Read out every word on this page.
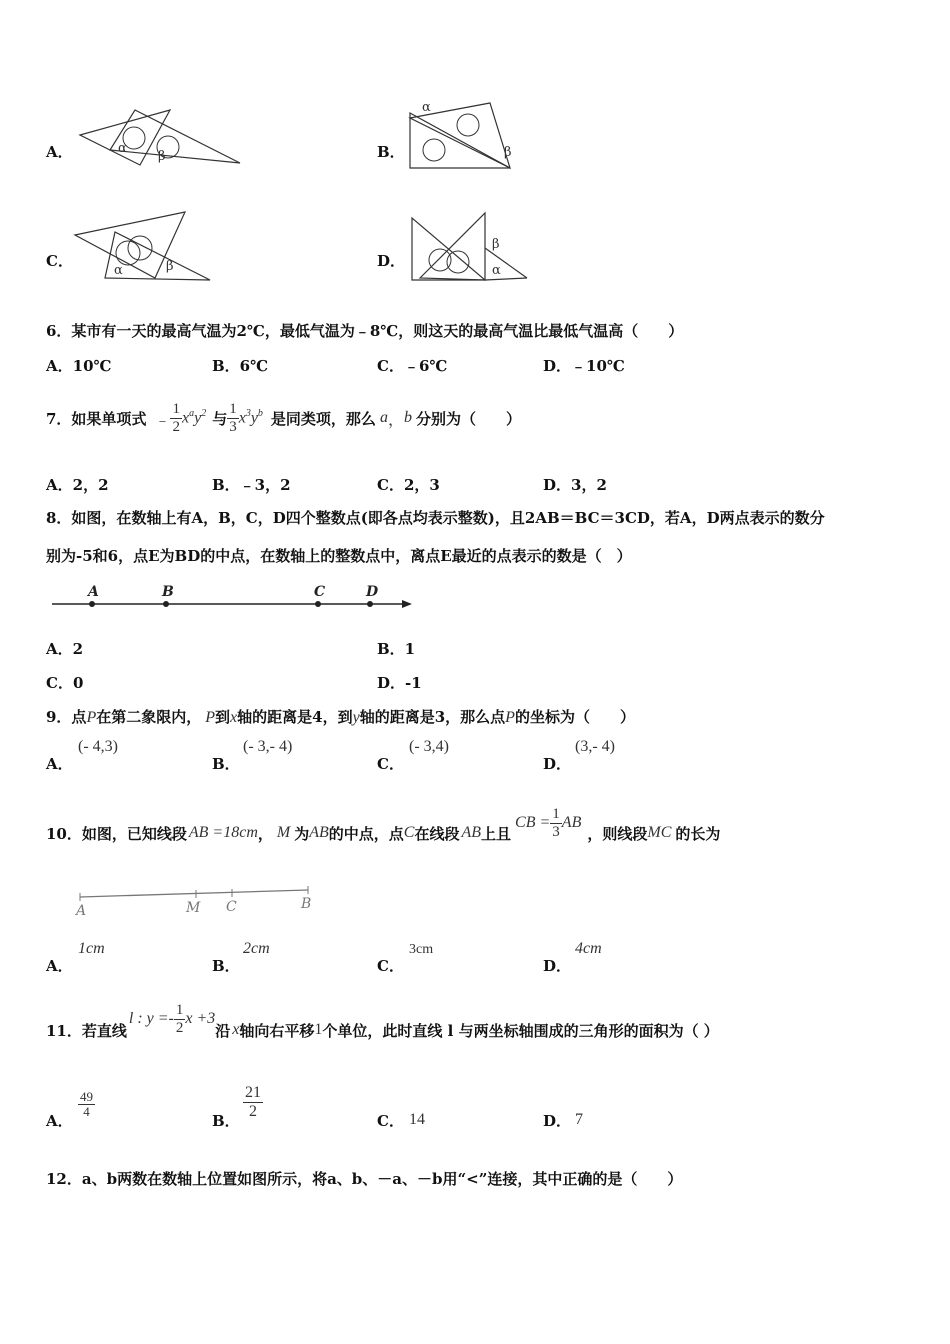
A．	α
β	B．
α
β
C．
α	β	D．
β
α
6．某市有一天的最高气温为2℃，最低气温为﹣8℃，则这天的最高气温比最低气温高（　　）
A．10℃	B．6℃	C．﹣6℃	D．﹣10℃
7．如果单项式 ﹣ $\frac{1}{2} x^ay^2$ 与 $\frac{1}{3} x^3y^b$ 是同类项，那么 a ， b 分别为（　　）
A．2，2	B．﹣3，2	C．2，3	D．3，2
8．如图，在数轴上有A，B，C，D四个整数点(即各点均表示整数)，且2AB＝BC＝3CD，若A，D两点表示的数分
别为-5和6，点E为BD的中点，在数轴上的整数点中，离点E最近的点表示的数是（　）
A	B	C	D
A．2	B．1
C．0	D．-1
9．点P在第二象限内， P到x轴的距离是4，到y轴的距离是3，那么点P的坐标为（　　）
A．
(- 4,3)
B．
(- 3,- 4)
C．
(- 3,4)
D．
(3,- 4)
10．如图，已知线段 AB =18cm ， M 为 AB 的中点，点 C 在线段 AB 上且
CB = $\frac{1}{3}$ AB
，则线段 MC 的长为
A	M C	B
A．
1cm
B．
2cm
C．
3cm
D．
4cm
11．若直线
l : $y =- \frac{1}{2}$ x +3
沿 x 轴向右平移 1 个单位，此时直线 l 与两坐标轴围成的三角形的面积为（ ）
A．
$\frac{49}{4}$
B．
$\frac{21}{2}$
C． 14	D． 7
12．a、b两数在数轴上位置如图所示，将a、b、－a、－b用“<”连接，其中正确的是（　　）
